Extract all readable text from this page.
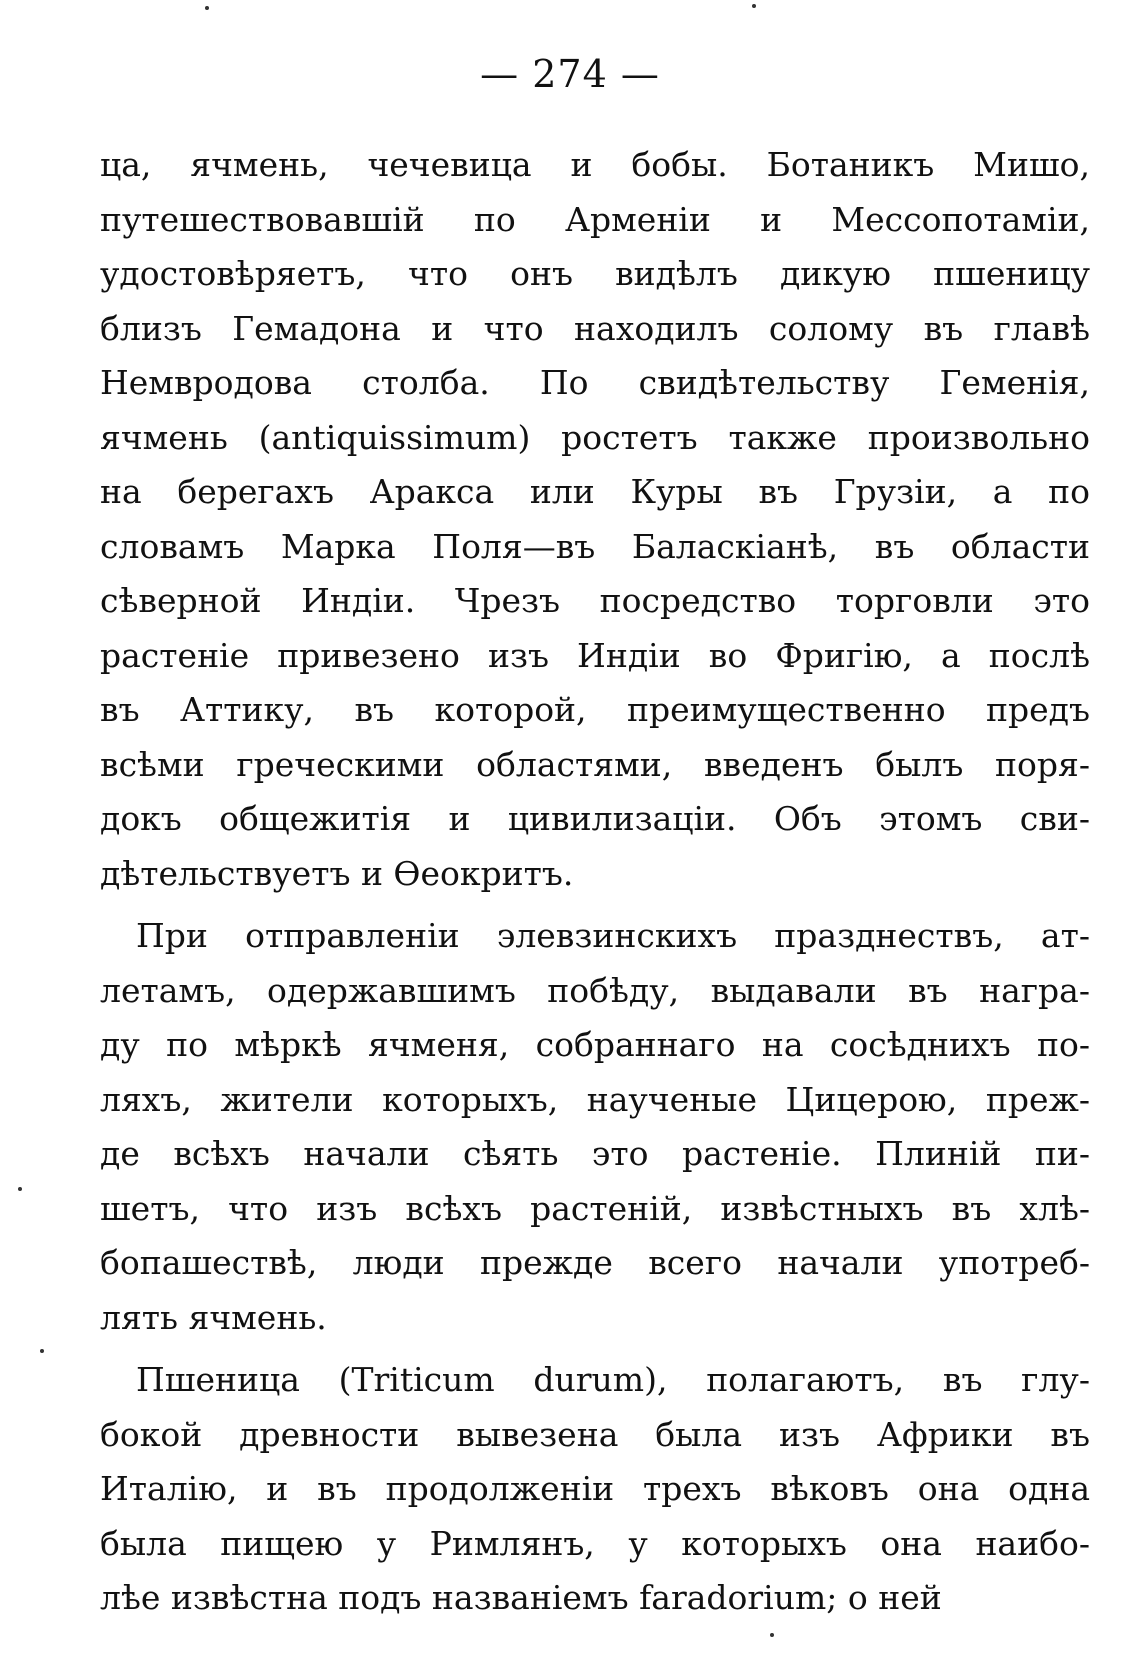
— 274 —
ца, ячмень, чечевица и бобы. Ботаникъ Мишо,
путешествовавшій по Арменіи и Мессопотаміи,
удостовѣряетъ, что онъ видѣлъ дикую пшеницу
близъ Гемадона и что находилъ солому въ главѣ
Немвродова столба. По свидѣтельству Геменія,
ячмень (antiquissimum) ростетъ также произвольно
на берегахъ Аракса или Куры въ Грузіи, а по
словамъ Марка Поля—въ Баласкіанѣ, въ области
сѣверной Индіи. Чрезъ посредство торговли это
растеніе привезено изъ Индіи во Фригію, а послѣ
въ Аттику, въ которой, преимущественно предъ
всѣми греческими областями, введенъ былъ поря-
докъ общежитія и цивилизаціи. Объ этомъ сви-
дѣтельствуетъ и Ѳеокритъ.
При отправленіи элевзинскихъ празднествъ, ат-
летамъ, одержавшимъ побѣду, выдавали въ награ-
ду по мѣркѣ ячменя, собраннаго на сосѣднихъ по-
ляхъ, жители которыхъ, наученые Цицерою, преж-
де всѣхъ начали сѣять это растеніе. Плиній пи-
шетъ, что изъ всѣхъ растеній, извѣстныхъ въ хлѣ-
бопашествѣ, люди прежде всего начали употреб-
лять ячмень.
Пшеница (Triticum durum), полагаютъ, въ глу-
бокой древности вывезена была изъ Африки въ
Италію, и въ продолженіи трехъ вѣковъ она одна
была пищею у Римлянъ, у которыхъ она наибо-
лѣе извѣстна подъ названіемъ faradorium; о ней
